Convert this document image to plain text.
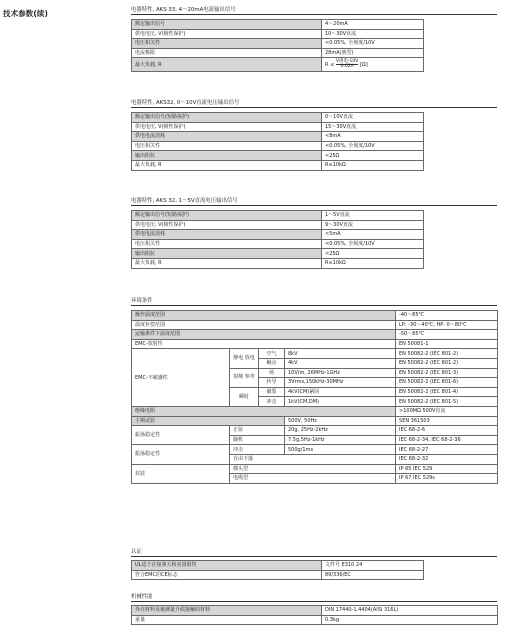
技术参数(续)	电器特性, AKS 33, 4～20mA电流输出信号
额定输出信号	4～20mA
供电电压, V(极性保护)	10～30V直流
电压相关性	<0.05%, 全刻度/10V
电流极限	28mA(典型)
最大负载, R	$R \le \frac{\text{V供电-10V}}{0.02A} [\Omega]$
电器特性, AKS32, 0～10V直流电压输出信号
额定输出信号(短路保护)	0～10V直流
供电电压, V(极性保护)	15～30V直流
供电电流消耗	<8mA
电压相关性	<0.05%, 全刻度/10V
输出阻抗	<25Ω
最大负载, R	R≥10kΩ
电器特性, AKS 32, 1～5V直流电压输出信号
额定输出信号(短路保护)	1～5V直流
供电电压, V(极性保护)	9～30V直流
供电电流消耗	<5mA
电压相关性	<0.05%, 全刻度/10V
输出阻抗	<25Ω
最大负载, R	R≥10kΩ
环境条件
操作温度范围				-40～85℃
温度补偿范围				LP: -30～40℃; HP: 0～80℃
运输条件下温度范围				-50～85℃
EMC-放射性				EN 50081-1
EMC-不敏感性	静电 放电	空气	8kV	EN 50082-2 (IEC 801-2)
		触点	4kV	EN 50082-2 (IEC 801-2)
	射频 参考	场	10V/m, 26MHz-1GHz	EN 50082-2 (IEC 801-3)
		传导	3Vrms,150kHz-30MHz	EN 50082-2 (IEC 801-6)
	瞬时	破裂	4kV(CM)紧固	EN 50082-2 (IEC 801-4)
		冲击	1kV(CM,DM)	EN 50082-2 (IEC 801-5)
绝缘电阻				>100MΩ 500V直流
主频试验			500V, 50Hz	SEN 361503
振荡稳定性	正弦		20g, 25Hz-2kHz	IEC 68-2-6
	随机		7.5g,5Hz-1kHz	IEC 68-2-34, IEC 68-2-36
振荡稳定性	冲击		500g/1ms	IEC 68-2-27
	自由下落			IEC 68-2-32
封装	插头型			IP 65 IEC 529
	电缆型			IP 67 IEC 529s
认证
UL适于在加拿大和美国销售	文件号 E310 24
符合EMC的CE标志	89/336/EC
机械性能
外壳材料及被测量介质接触的材料	DIN 17440-1.4404(AISI 316L)
重量	0.3kg
